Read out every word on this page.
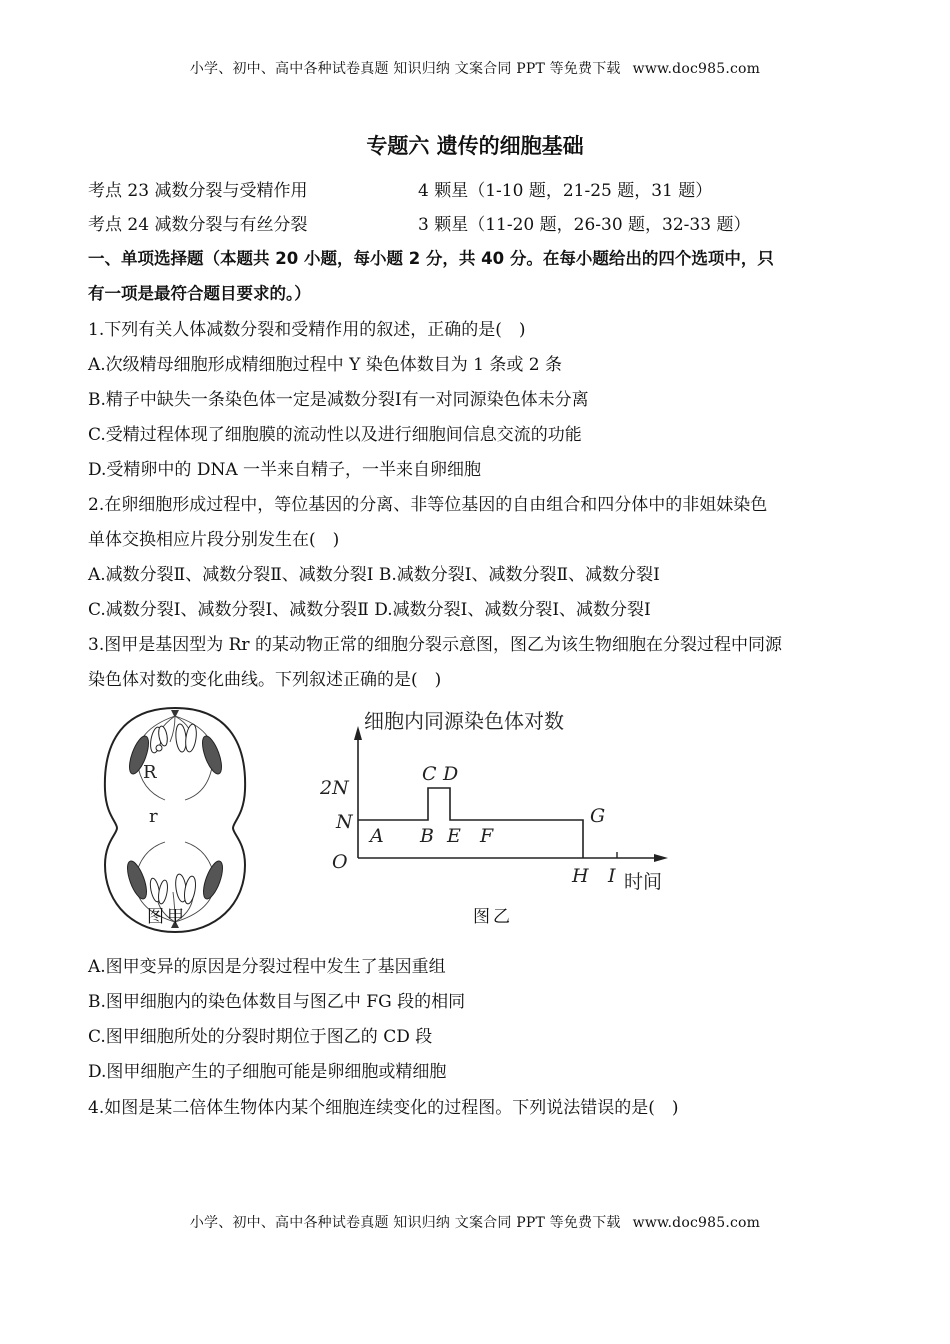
小学、初中、高中各种试卷真题 知识归纳 文案合同 PPT 等免费下载 www.doc985.com
专题六 遗传的细胞基础
考点 23 减数分裂与受精作用	4 颗星（1-10 题，21-25 题，31 题）
考点 24 减数分裂与有丝分裂	3 颗星（11-20 题，26-30 题，32-33 题）
一、单项选择题（本题共 20 小题，每小题 2 分，共 40 分。在每小题给出的四个选项中，只
有一项是最符合题目要求的。）
1.下列有关人体减数分裂和受精作用的叙述，正确的是(　)
A.次级精母细胞形成精细胞过程中 Y 染色体数目为 1 条或 2 条
B.精子中缺失一条染色体一定是减数分裂Ⅰ有一对同源染色体未分离
C.受精过程体现了细胞膜的流动性以及进行细胞间信息交流的功能
D.受精卵中的 DNA 一半来自精子，一半来自卵细胞
2.在卵细胞形成过程中，等位基因的分离、非等位基因的自由组合和四分体中的非姐妹染色
单体交换相应片段分别发生在(　)
A.减数分裂Ⅱ、减数分裂Ⅱ、减数分裂Ⅰ B.减数分裂Ⅰ、减数分裂Ⅱ、减数分裂Ⅰ
C.减数分裂Ⅰ、减数分裂Ⅰ、减数分裂Ⅱ D.减数分裂Ⅰ、减数分裂Ⅰ、减数分裂Ⅰ
3.图甲是基因型为 Rr 的某动物正常的细胞分裂示意图，图乙为该生物细胞在分裂过程中同源
染色体对数的变化曲线。下列叙述正确的是(　)
R
r
图甲
细胞内同源染色体对数
2N
N
O
A B
C D
E F
G
H I 时间
图乙
A.图甲变异的原因是分裂过程中发生了基因重组
B.图甲细胞内的染色体数目与图乙中 FG 段的相同
C.图甲细胞所处的分裂时期位于图乙的 CD 段
D.图甲细胞产生的子细胞可能是卵细胞或精细胞
4.如图是某二倍体生物体内某个细胞连续变化的过程图。下列说法错误的是(　)
小学、初中、高中各种试卷真题 知识归纳 文案合同 PPT 等免费下载 www.doc985.com
